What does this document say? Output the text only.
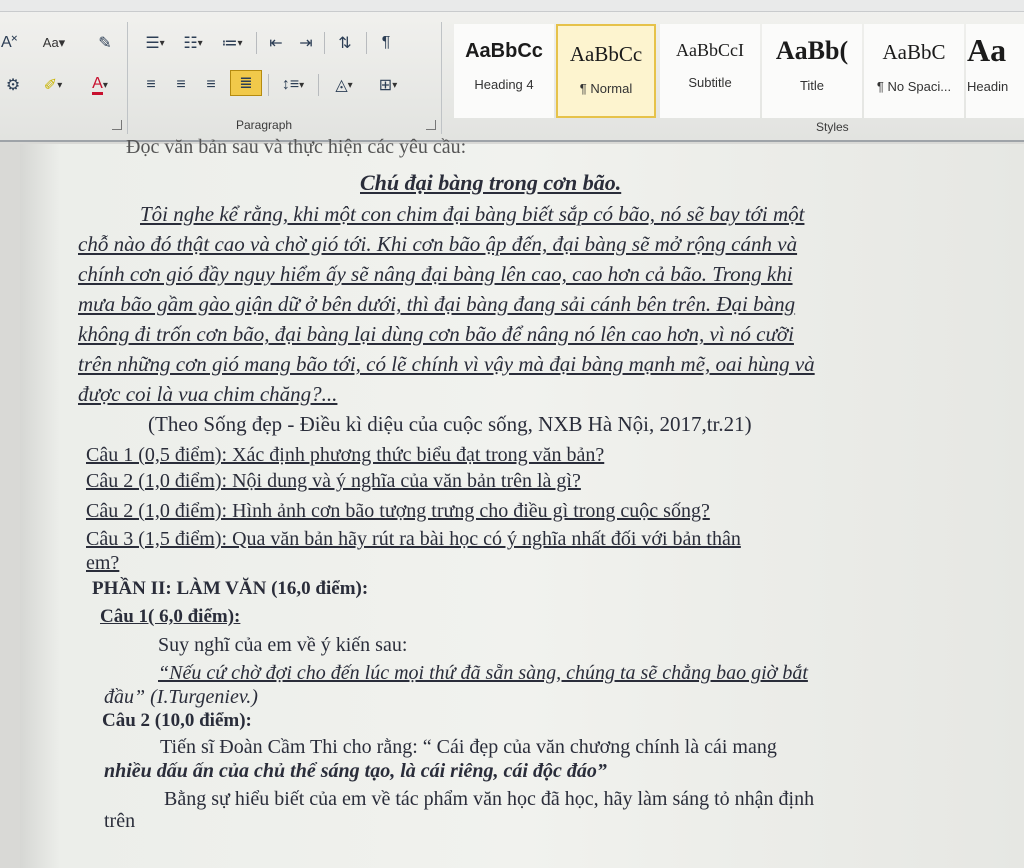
A˟ Aa▾ ✎
⚙ ✐ ▾ A ▾
☰ ▾ ☷ ▾ ≔ ▾ ⇤ ⇥ ⇅ ¶
≡ ≡ ≡ ≣ ↕≡ ▾ ◬ ▾ ⊞ ▾
Paragraph
AaBbCc
Heading 4
AaBbCc
¶ Normal
AaBbCcI
Subtitle
AaBb(
Title
AaBbC
¶ No Spaci...
Aa
Headin
Styles
Đọc văn bản sau và thực hiện các yêu cầu:
Chú đại bàng trong cơn bão.
Tôi nghe kể rằng, khi một con chim đại bàng biết sắp có bão, nó sẽ bay tới một
chỗ nào đó thật cao và chờ gió tới. Khi cơn bão ập đến, đại bàng sẽ mở rộng cánh và
chính cơn gió đầy nguy hiểm ấy sẽ nâng đại bàng lên cao, cao hơn cả bão. Trong khi
mưa bão gầm gào giận dữ ở bên dưới, thì đại bàng đang sải cánh bên trên. Đại bàng
không đi trốn cơn bão, đại bàng lại dùng cơn bão để nâng nó lên cao hơn, vì nó cưỡi
trên những cơn gió mang bão tới, có lẽ chính vì vậy mà đại bàng mạnh mẽ, oai hùng và
được coi là vua chim chăng?...
(Theo Sống đẹp - Điều kì diệu của cuộc sống, NXB Hà Nội, 2017,tr.21)
Câu 1 (0,5 điểm): Xác định phương thức biểu đạt trong văn bản?
Câu 2 (1,0 điểm): Nội dung và ý nghĩa của văn bản trên là gì?
Câu 2 (1,0 điểm): Hình ảnh cơn bão tượng trưng cho điều gì trong cuộc sống?
Câu 3 (1,5 điểm): Qua văn bản hãy rút ra bài học có ý nghĩa nhất đối với bản thân
em?
PHẦN II: LÀM VĂN (16,0 điểm):
Câu 1( 6,0 điểm):
Suy nghĩ của em về ý kiến sau:
“Nếu cứ chờ đợi cho đến lúc mọi thứ đã sẵn sàng, chúng ta sẽ chẳng bao giờ bắt
đầu” (I.Turgeniev.)
Câu 2 (10,0 điểm):
Tiến sĩ Đoàn Cầm Thi cho rằng: “ Cái đẹp của văn chương chính là cái mang
nhiều dấu ấn của chủ thể sáng tạo, là cái riêng, cái độc đáo”
Bằng sự hiểu biết của em về tác phẩm văn học đã học, hãy làm sáng tỏ nhận định
trên
